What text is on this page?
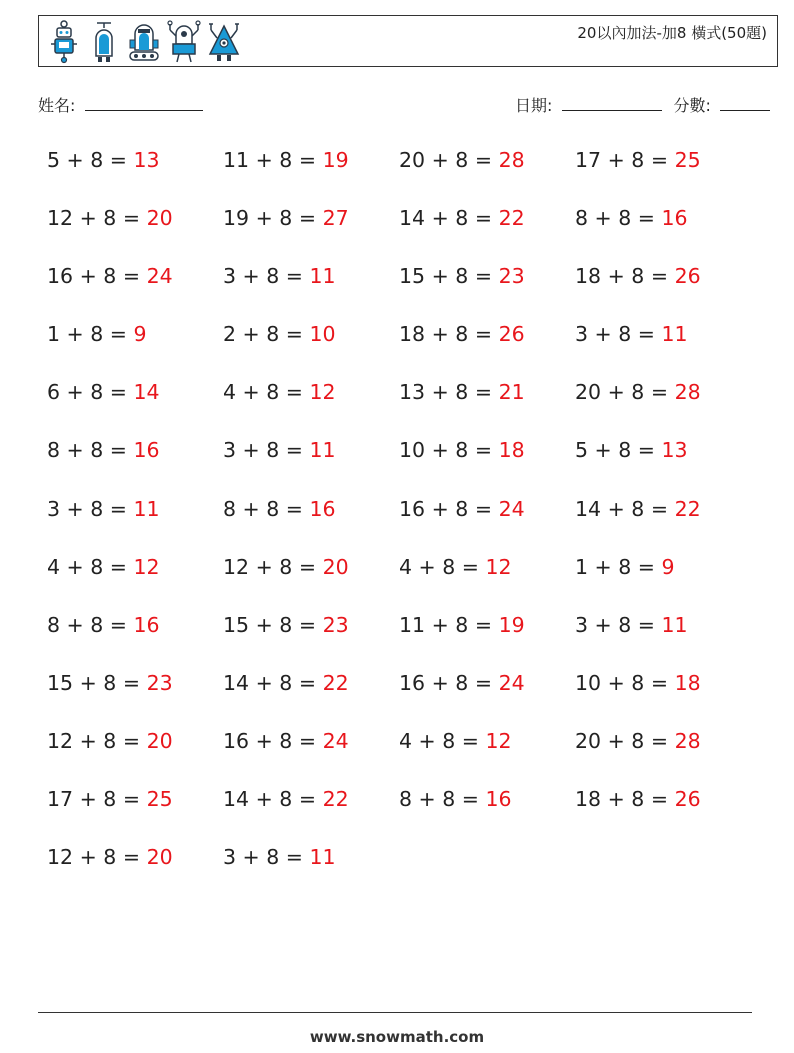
20以內加法-加8 橫式(50題)
姓名:	日期:	分數:
5 + 8 = 13	11 + 8 = 19	20 + 8 = 28	17 + 8 = 25
12 + 8 = 20	19 + 8 = 27	14 + 8 = 22	8 + 8 = 16
16 + 8 = 24	3 + 8 = 11	15 + 8 = 23	18 + 8 = 26
1 + 8 = 9	2 + 8 = 10	18 + 8 = 26	3 + 8 = 11
6 + 8 = 14	4 + 8 = 12	13 + 8 = 21	20 + 8 = 28
8 + 8 = 16	3 + 8 = 11	10 + 8 = 18	5 + 8 = 13
3 + 8 = 11	8 + 8 = 16	16 + 8 = 24	14 + 8 = 22
4 + 8 = 12	12 + 8 = 20	4 + 8 = 12	1 + 8 = 9
8 + 8 = 16	15 + 8 = 23	11 + 8 = 19	3 + 8 = 11
15 + 8 = 23	14 + 8 = 22	16 + 8 = 24	10 + 8 = 18
12 + 8 = 20	16 + 8 = 24	4 + 8 = 12	20 + 8 = 28
17 + 8 = 25	14 + 8 = 22	8 + 8 = 16	18 + 8 = 26
12 + 8 = 20	3 + 8 = 11
www.snowmath.com
